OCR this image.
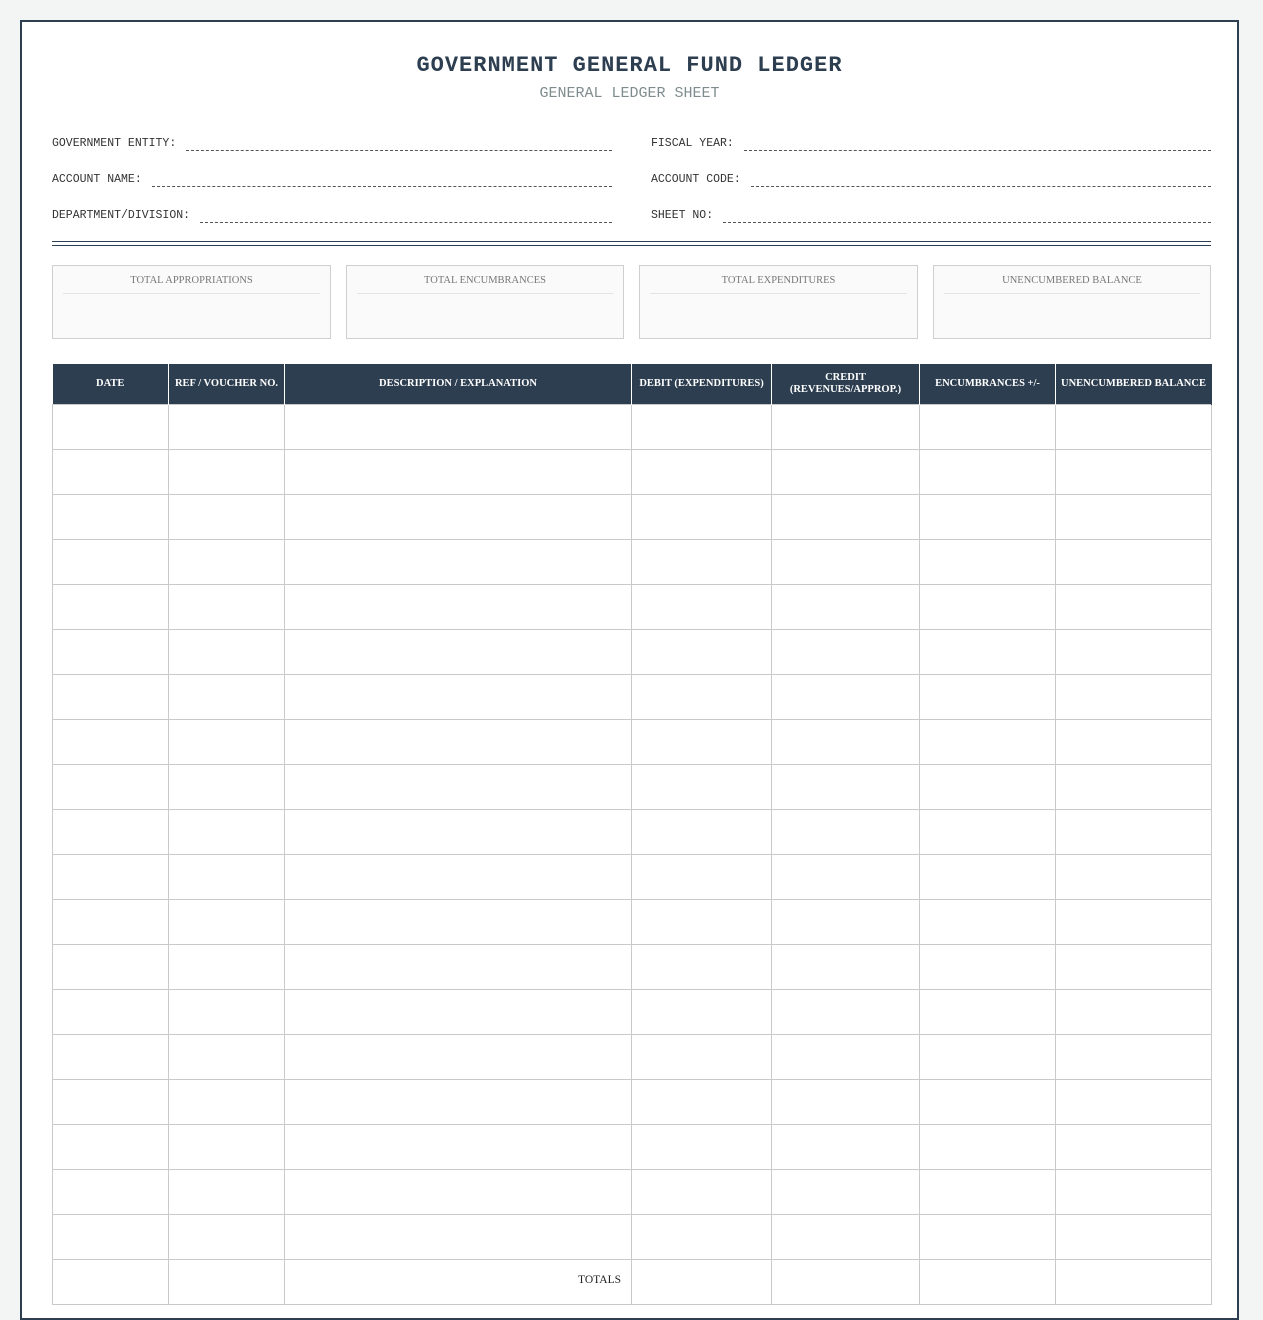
GOVERNMENT GENERAL FUND LEDGER
GENERAL LEDGER SHEET
GOVERNMENT ENTITY:
ACCOUNT NAME:
DEPARTMENT/DIVISION:
FISCAL YEAR:
ACCOUNT CODE:
SHEET NO:
TOTAL APPROPRIATIONS	TOTAL ENCUMBRANCES	TOTAL EXPENDITURES	UNENCUMBERED BALANCE
DATE	REF / VOUCHER NO.	DESCRIPTION / EXPLANATION	DEBIT (EXPENDITURES)	CREDIT (REVENUES/APPROP.)	ENCUMBRANCES +/-	UNENCUMBERED BALANCE

		TOTALS				
